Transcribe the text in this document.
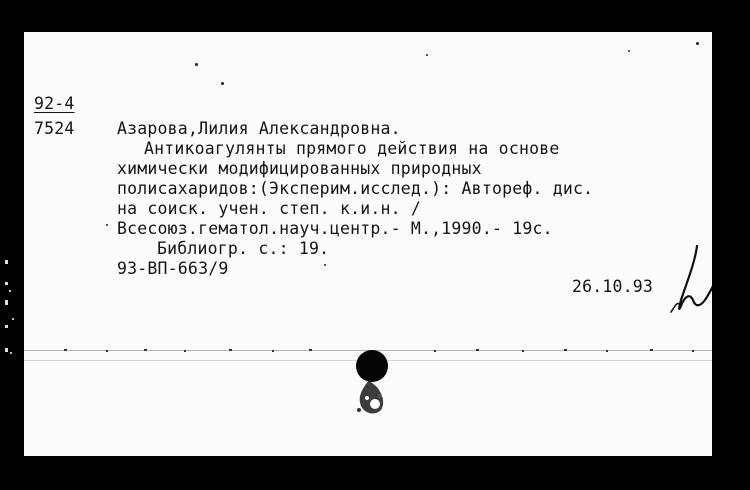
92-4
7524	Азарова,Лилия Александровна.
Антикоагулянты прямого действия на основе
химически модифицированных природных
полисахаридов:(Эксперим.исслед.): Автореф. дис.
на соиск. учен. степ. к.и.н. /
Всесоюз.гематол.науч.центр.- М.,1990.- 19с.
Библиогр. с.: 19.
93-ВП-663/9
26.10.93
